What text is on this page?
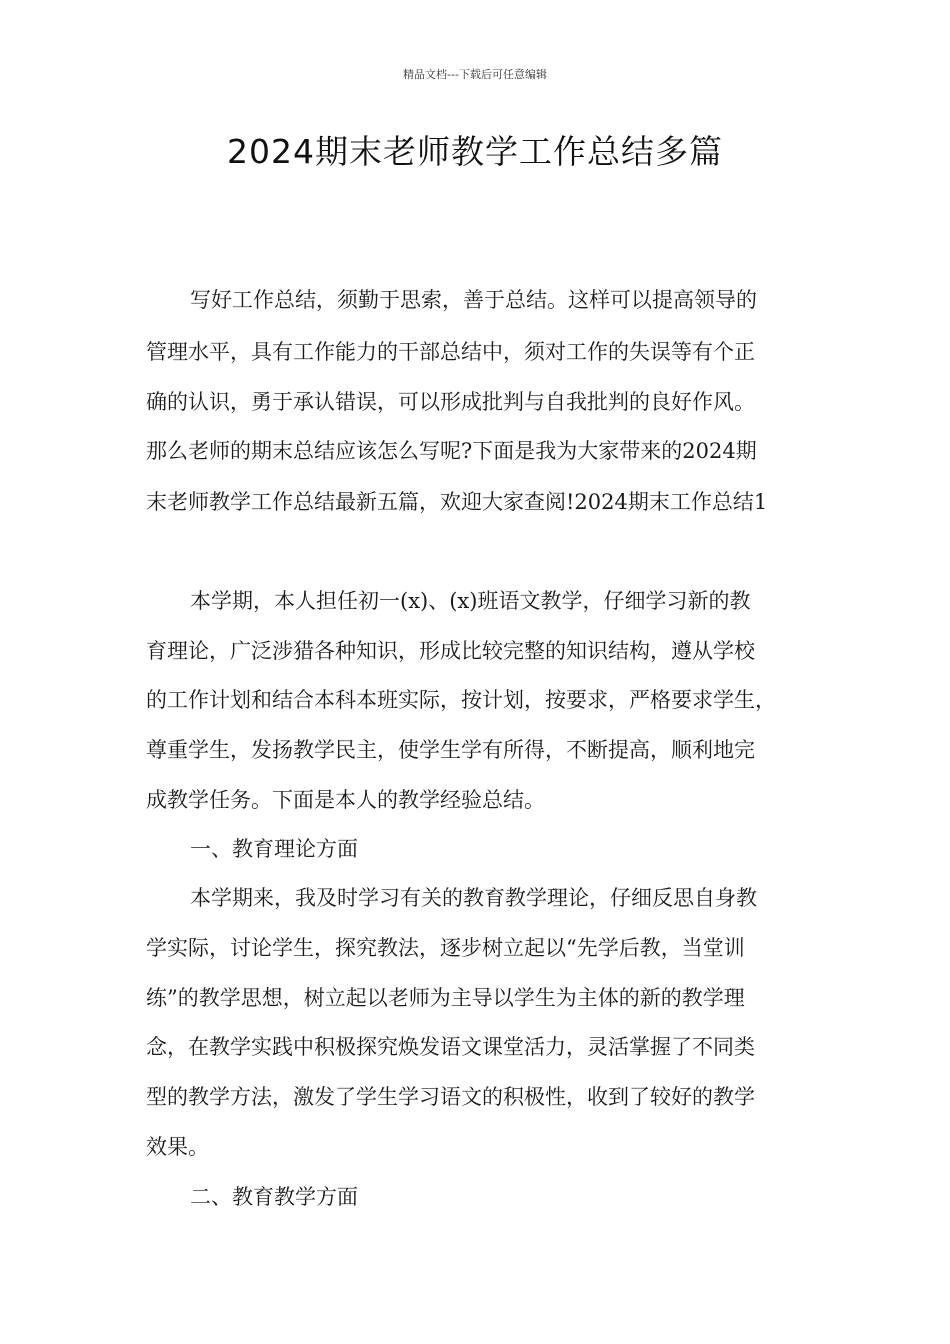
精品文档---下载后可任意编辑
2024期末老师教学工作总结多篇
写好工作总结，须勤于思索，善于总结。这样可以提高领导的
管理水平，具有工作能力的干部总结中，须对工作的失误等有个正
确的认识，勇于承认错误，可以形成批判与自我批判的良好作风。
那么老师的期末总结应该怎么写呢?下面是我为大家带来的2024期
末老师教学工作总结最新五篇，欢迎大家查阅!2024期末工作总结1
本学期，本人担任初一(x)、(x)班语文教学，仔细学习新的教
育理论，广泛涉猎各种知识，形成比较完整的知识结构，遵从学校
的工作计划和结合本科本班实际，按计划，按要求，严格要求学生，
尊重学生，发扬教学民主，使学生学有所得，不断提高，顺利地完
成教学任务。下面是本人的教学经验总结。
一、教育理论方面
本学期来，我及时学习有关的教育教学理论，仔细反思自身教
学实际，讨论学生，探究教法，逐步树立起以“先学后教，当堂训
练”的教学思想，树立起以老师为主导以学生为主体的新的教学理
念，在教学实践中积极探究焕发语文课堂活力，灵活掌握了不同类
型的教学方法，激发了学生学习语文的积极性，收到了较好的教学
效果。
二、教育教学方面
